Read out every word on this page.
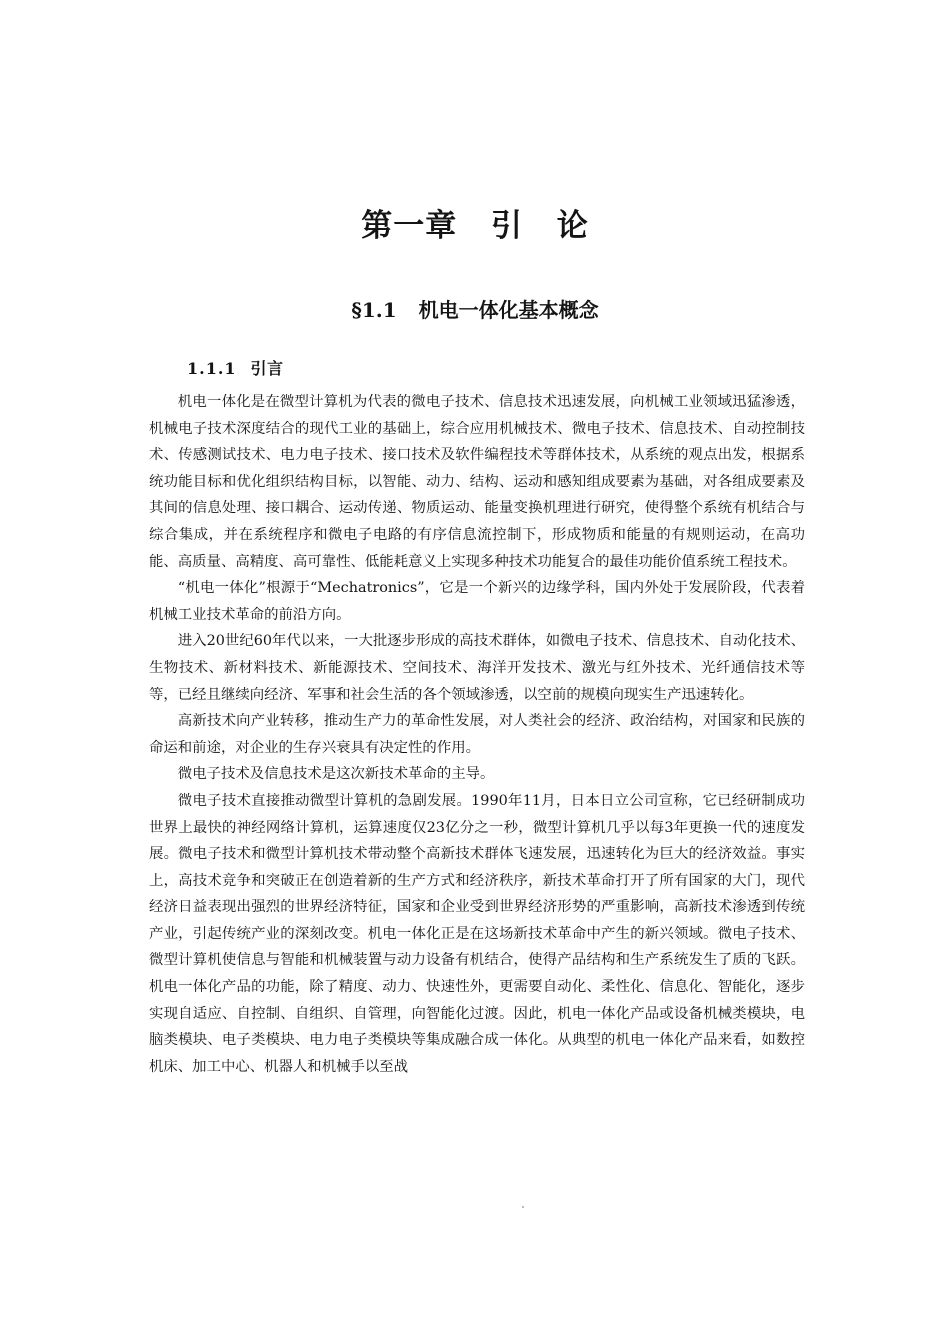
第一章 引 论
§1.1 机电一体化基本概念
1.1.1 引言

机电一体化是在微型计算机为代表的微电子技术、信息技术迅速发展，向机械工业领域迅猛渗透，机械电子技术深度结合的现代工业的基础上，综合应用机械技术、微电子技术、信息技术、自动控制技术、传感测试技术、电力电子技术、接口技术及软件编程技术等群体技术，从系统的观点出发，根据系统功能目标和优化组织结构目标，以智能、动力、结构、运动和感知组成要素为基础，对各组成要素及其间的信息处理、接口耦合、运动传递、物质运动、能量变换机理进行研究，使得整个系统有机结合与综合集成，并在系统程序和微电子电路的有序信息流控制下，形成物质和能量的有规则运动，在高功能、高质量、高精度、高可靠性、低能耗意义上实现多种技术功能复合的最佳功能价值系统工程技术。

“机电一体化”根源于“Mechatronics”，它是一个新兴的边缘学科，国内外处于发展阶段，代表着机械工业技术革命的前沿方向。

进入20世纪60年代以来，一大批逐步形成的高技术群体，如微电子技术、信息技术、自动化技术、生物技术、新材料技术、新能源技术、空间技术、海洋开发技术、激光与红外技术、光纤通信技术等等，已经且继续向经济、军事和社会生活的各个领域渗透，以空前的规模向现实生产迅速转化。

高新技术向产业转移，推动生产力的革命性发展，对人类社会的经济、政治结构，对国家和民族的命运和前途，对企业的生存兴衰具有决定性的作用。

微电子技术及信息技术是这次新技术革命的主导。

微电子技术直接推动微型计算机的急剧发展。1990年11月，日本日立公司宣称，它已经研制成功世界上最快的神经网络计算机，运算速度仅23亿分之一秒，微型计算机几乎以每3年更换一代的速度发展。微电子技术和微型计算机技术带动整个高新技术群体飞速发展，迅速转化为巨大的经济效益。事实上，高技术竞争和突破正在创造着新的生产方式和经济秩序，新技术革命打开了所有国家的大门，现代经济日益表现出强烈的世界经济特征，国家和企业受到世界经济形势的严重影响，高新技术渗透到传统产业，引起传统产业的深刻改变。机电一体化正是在这场新技术革命中产生的新兴领域。微电子技术、微型计算机使信息与智能和机械装置与动力设备有机结合，使得产品结构和生产系统发生了质的飞跃。机电一体化产品的功能，除了精度、动力、快速性外，更需要自动化、柔性化、信息化、智能化，逐步实现自适应、自控制、自组织、自管理，向智能化过渡。因此，机电一体化产品或设备机械类模块，电脑类模块、电子类模块、电力电子类模块等集成融合成一体化。从典型的机电一体化产品来看，如数控机床、加工中心、机器人和机械手以至战
